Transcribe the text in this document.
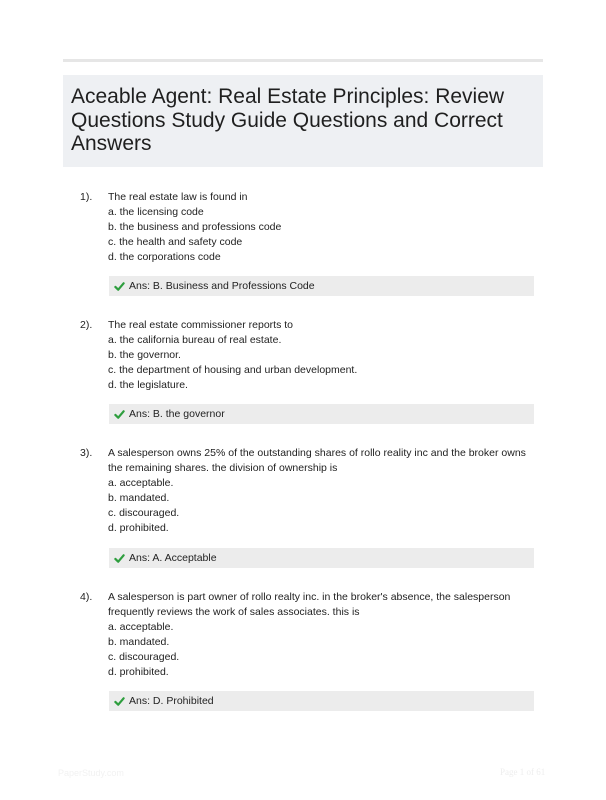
Aceable Agent: Real Estate Principles: Review Questions Study Guide Questions and Correct Answers
1).	The real estate law is found in
a. the licensing code
b. the business and professions code
c. the health and safety code
d. the corporations code
Ans: B. Business and Professions Code
2).	The real estate commissioner reports to
a. the california bureau of real estate.
b. the governor.
c. the department of housing and urban development.
d. the legislature.
Ans: B. the governor
3).	A salesperson owns 25% of the outstanding shares of rollo reality inc and the broker owns
the remaining shares. the division of ownership is
a. acceptable.
b. mandated.
c. discouraged.
d. prohibited.
Ans: A. Acceptable
4).	A salesperson is part owner of rollo realty inc. in the broker's absence, the salesperson
frequently reviews the work of sales associates. this is
a. acceptable.
b. mandated.
c. discouraged.
d. prohibited.
Ans: D. Prohibited
PaperStudy.com	Page 1 of 61
